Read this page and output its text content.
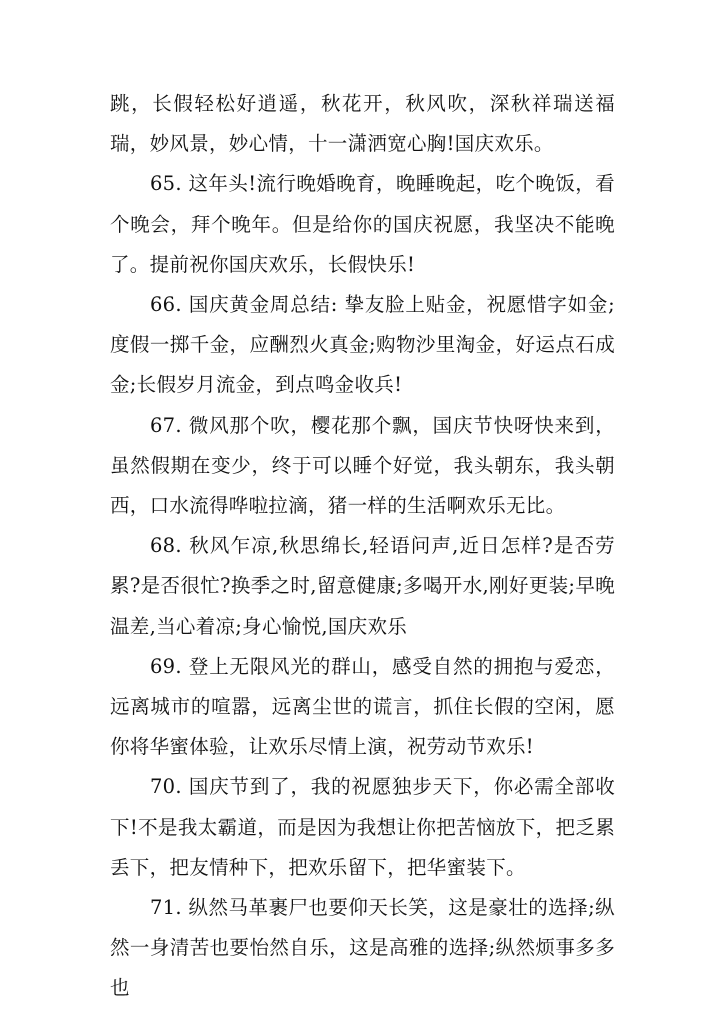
跳，长假轻松好逍遥，秋花开，秋风吹，深秋祥瑞送福瑞，妙风景，妙心情，十一潇洒宽心胸!国庆欢乐。

65. 这年头!流行晚婚晚育，晚睡晚起，吃个晚饭，看个晚会，拜个晚年。但是给你的国庆祝愿，我坚决不能晚了。提前祝你国庆欢乐，长假快乐!

66. 国庆黄金周总结: 挚友脸上贴金，祝愿惜字如金;度假一掷千金，应酬烈火真金;购物沙里淘金，好运点石成金;长假岁月流金，到点鸣金收兵!

67. 微风那个吹，樱花那个飘，国庆节快呀快来到，虽然假期在变少，终于可以睡个好觉，我头朝东，我头朝西，口水流得哗啦拉滴，猪一样的生活啊欢乐无比。

68. 秋风乍凉,秋思绵长,轻语问声,近日怎样?是否劳累?是否很忙?换季之时,留意健康;多喝开水,刚好更装;早晚温差,当心着凉;身心愉悦,国庆欢乐

69. 登上无限风光的群山，感受自然的拥抱与爱恋，远离城市的喧嚣，远离尘世的谎言，抓住长假的空闲，愿你将华蜜体验，让欢乐尽情上演，祝劳动节欢乐!

70. 国庆节到了，我的祝愿独步天下，你必需全部收下!不是我太霸道，而是因为我想让你把苦恼放下，把乏累丢下，把友情种下，把欢乐留下，把华蜜装下。

71. 纵然马革裹尸也要仰天长笑，这是豪壮的选择;纵然一身清苦也要怡然自乐，这是高雅的选择;纵然烦事多多也
